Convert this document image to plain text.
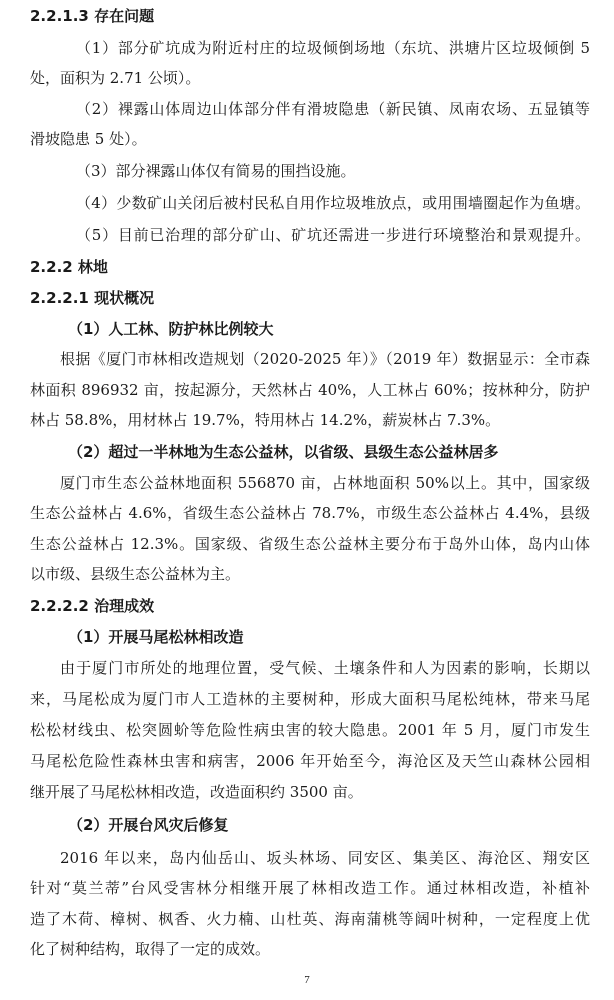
2.2.1.3 存在问题
（1）部分矿坑成为附近村庄的垃圾倾倒场地（东坑、洪塘片区垃圾倾倒 5
处，面积为 2.71 公顷）。
（2）裸露山体周边山体部分伴有滑坡隐患（新民镇、凤南农场、五显镇等
滑坡隐患 5 处）。
（3）部分裸露山体仅有简易的围挡设施。
（4）少数矿山关闭后被村民私自用作垃圾堆放点，或用围墙圈起作为鱼塘。
（5）目前已治理的部分矿山、矿坑还需进一步进行环境整治和景观提升。
2.2.2 林地
2.2.2.1 现状概况
（1）人工林、防护林比例较大
根据《厦门市林相改造规划（2020-2025 年）》（2019 年）数据显示：全市森
林面积 896932 亩，按起源分，天然林占 40%，人工林占 60%；按林种分，防护
林占 58.8%，用材林占 19.7%，特用林占 14.2%，薪炭林占 7.3%。
（2）超过一半林地为生态公益林，以省级、县级生态公益林居多
厦门市生态公益林地面积 556870 亩，占林地面积 50%以上。其中，国家级
生态公益林占 4.6%，省级生态公益林占 78.7%，市级生态公益林占 4.4%，县级
生态公益林占 12.3%。国家级、省级生态公益林主要分布于岛外山体，岛内山体
以市级、县级生态公益林为主。
2.2.2.2 治理成效
（1）开展马尾松林相改造
由于厦门市所处的地理位置，受气候、土壤条件和人为因素的影响，长期以
来，马尾松成为厦门市人工造林的主要树种，形成大面积马尾松纯林，带来马尾
松松材线虫、松突圆蚧等危险性病虫害的较大隐患。2001 年 5 月，厦门市发生
马尾松危险性森林虫害和病害，2006 年开始至今，海沧区及天竺山森林公园相
继开展了马尾松林相改造，改造面积约 3500 亩。
（2）开展台风灾后修复
2016 年以来，岛内仙岳山、坂头林场、同安区、集美区、海沧区、翔安区
针对“莫兰蒂”台风受害林分相继开展了林相改造工作。通过林相改造，补植补
造了木荷、樟树、枫香、火力楠、山杜英、海南蒲桃等阔叶树种，一定程度上优
化了树种结构，取得了一定的成效。
7
